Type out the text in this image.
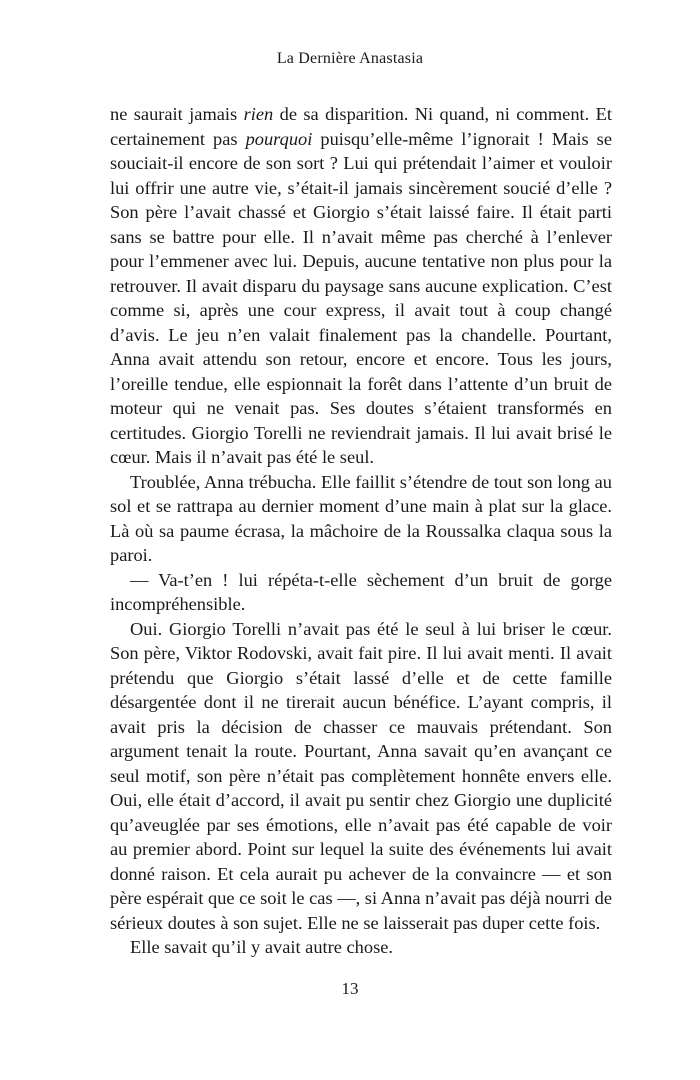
La Dernière Anastasia

ne saurait jamais rien de sa disparition. Ni quand, ni comment. Et certainement pas pourquoi puisqu’elle-même l’ignorait ! Mais se souciait-il encore de son sort ? Lui qui prétendait l’aimer et vouloir lui offrir une autre vie, s’était-il jamais sincèrement soucié d’elle ? Son père l’avait chassé et Giorgio s’était laissé faire. Il était parti sans se battre pour elle. Il n’avait même pas cherché à l’enlever pour l’emmener avec lui. Depuis, aucune tentative non plus pour la retrouver. Il avait disparu du paysage sans aucune explication. C’est comme si, après une cour express, il avait tout à coup changé d’avis. Le jeu n’en valait finalement pas la chandelle. Pourtant, Anna avait attendu son retour, encore et encore. Tous les jours, l’oreille tendue, elle espionnait la forêt dans l’attente d’un bruit de moteur qui ne venait pas. Ses doutes s’étaient transformés en certitudes. Giorgio Torelli ne reviendrait jamais. Il lui avait brisé le cœur. Mais il n’avait pas été le seul.

Troublée, Anna trébucha. Elle faillit s’étendre de tout son long au sol et se rattrapa au dernier moment d’une main à plat sur la glace. Là où sa paume écrasa, la mâchoire de la Roussalka claqua sous la paroi.

— Va-t’en ! lui répéta-t-elle sèchement d’un bruit de gorge incompréhensible.

Oui. Giorgio Torelli n’avait pas été le seul à lui briser le cœur. Son père, Viktor Rodovski, avait fait pire. Il lui avait menti. Il avait prétendu que Giorgio s’était lassé d’elle et de cette famille désargentée dont il ne tirerait aucun bénéfice. L’ayant compris, il avait pris la décision de chasser ce mauvais prétendant. Son argument tenait la route. Pourtant, Anna savait qu’en avançant ce seul motif, son père n’était pas complètement honnête envers elle. Oui, elle était d’accord, il avait pu sentir chez Giorgio une duplicité qu’aveuglée par ses émotions, elle n’avait pas été capable de voir au premier abord. Point sur lequel la suite des événements lui avait donné raison. Et cela aurait pu achever de la convaincre — et son père espérait que ce soit le cas —, si Anna n’avait pas déjà nourri de sérieux doutes à son sujet. Elle ne se laisserait pas duper cette fois.

Elle savait qu’il y avait autre chose.

13
